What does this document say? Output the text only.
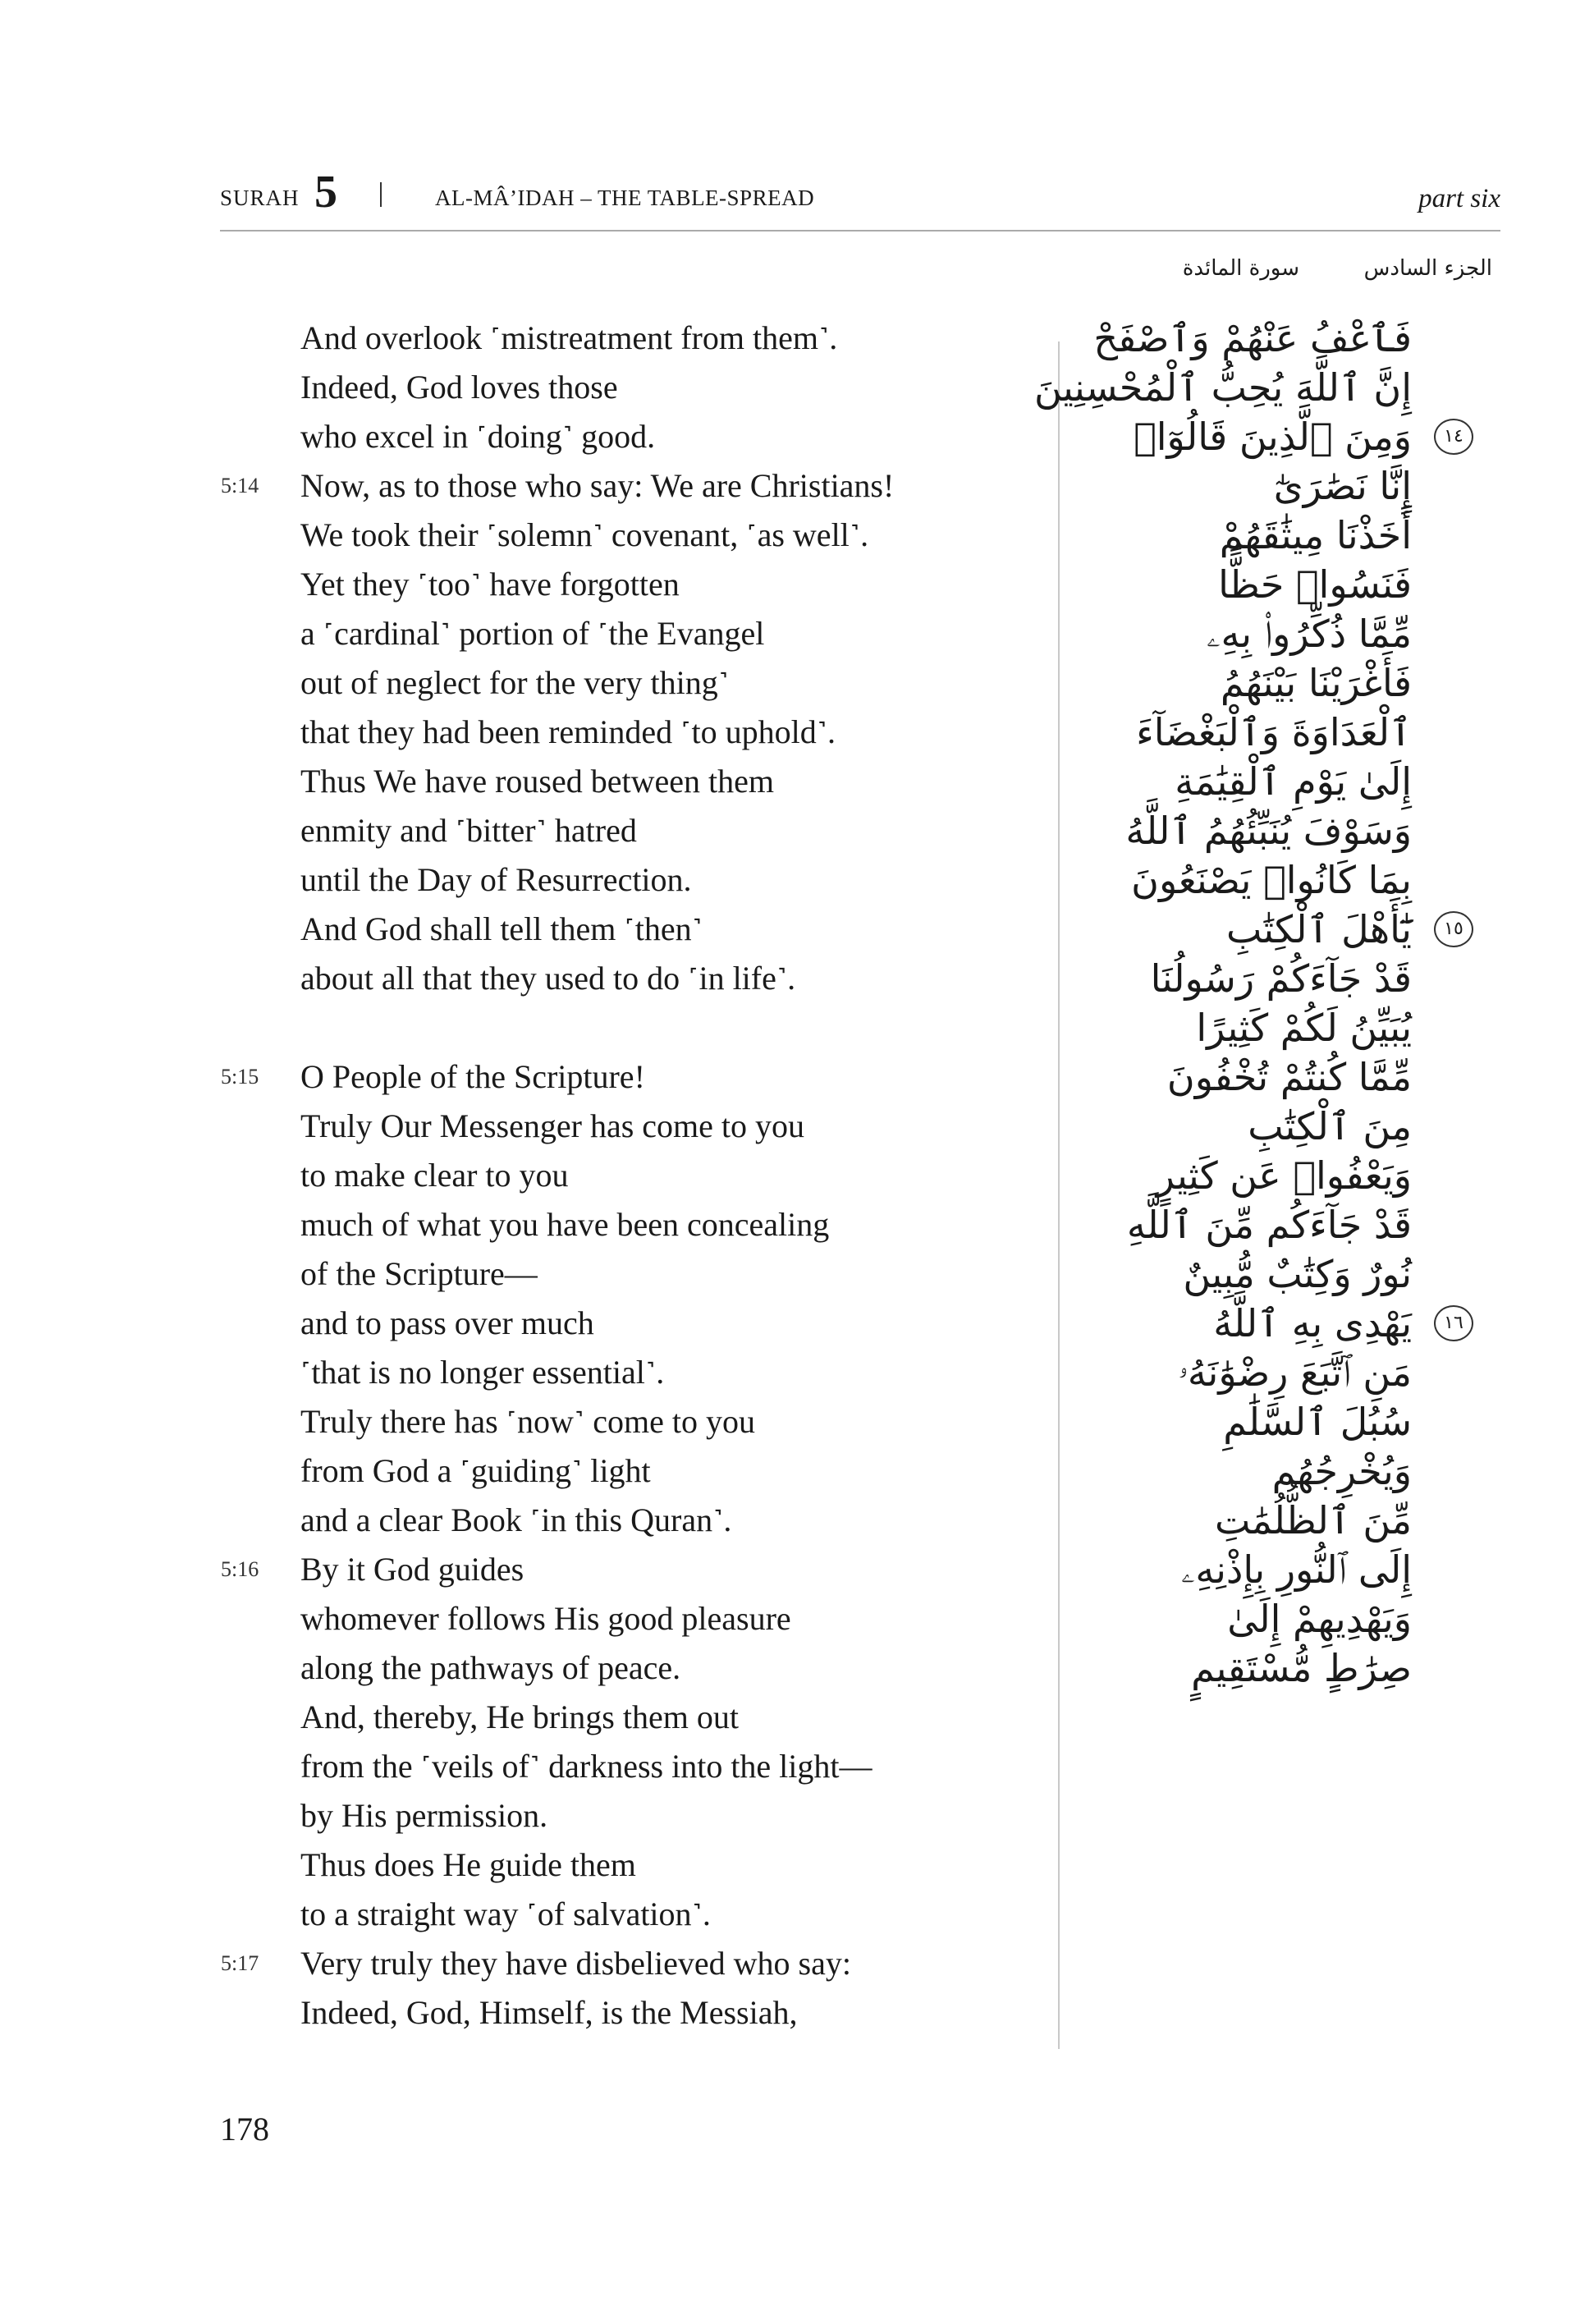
SURAH 5	AL-MÂ’IDAH – THE TABLE-SPREAD	part six
الجزء السادس
سورة المائدة
And overlook ˹mistreatment from them˺.
Indeed, God loves those
who excel in ˹doing˺ good.
5:14 Now, as to those who say: We are Christians!
We took their ˹solemn˺ covenant, ˹as well˺.
Yet they ˹too˺ have forgotten
a ˹cardinal˺ portion of ˹the Evangel
out of neglect for the very thing˺
that they had been reminded ˹to uphold˺.
Thus We have roused between them
enmity and ˹bitter˺ hatred
until the Day of Resurrection.
And God shall tell them ˹then˺
about all that they used to do ˹in life˺.
5:15 O People of the Scripture!
Truly Our Messenger has come to you
to make clear to you
much of what you have been concealing
of the Scripture—
and to pass over much
˹that is no longer essential˺.
Truly there has ˹now˺ come to you
from God a ˹guiding˺ light
and a clear Book ˹in this Quran˺.
5:16 By it God guides
whomever follows His good pleasure
along the pathways of peace.
And, thereby, He brings them out
from the ˹veils of˺ darkness into the light—
by His permission.
Thus does He guide them
to a straight way ˹of salvation˺.
5:17 Very truly they have disbelieved who say:
Indeed, God, Himself, is the Messiah,
فَٱعْفُ عَنْهُمْ وَٱصْفَحْ
إِنَّ ٱللَّهَ يُحِبُّ ٱلْمُحْسِنِينَ
وَمِنَ ٱلَّذِينَ قَالُوٓا۟	١٤
إِنَّا نَصَٰرَىٰٓ
أَخَذْنَا مِيثَٰقَهُمْ
فَنَسُوا۟ حَظًّا
مِّمَّا ذُكِّرُوا۟ بِهِۦ
فَأَغْرَيْنَا بَيْنَهُمُ
ٱلْعَدَاوَةَ وَٱلْبَغْضَآءَ
إِلَىٰ يَوْمِ ٱلْقِيَٰمَةِ
وَسَوْفَ يُنَبِّئُهُمُ ٱللَّهُ
بِمَا كَانُوا۟ يَصْنَعُونَ
يَٰٓأَهْلَ ٱلْكِتَٰبِ	١٥
قَدْ جَآءَكُمْ رَسُولُنَا
يُبَيِّنُ لَكُمْ كَثِيرًا
مِّمَّا كُنتُمْ تُخْفُونَ
مِنَ ٱلْكِتَٰبِ
وَيَعْفُوا۟ عَن كَثِيرٍ
قَدْ جَآءَكُم مِّنَ ٱللَّهِ
نُورٌ وَكِتَٰبٌ مُّبِينٌ
يَهْدِى بِهِ ٱللَّهُ	١٦
مَنِ ٱتَّبَعَ رِضْوَٰنَهُۥ
سُبُلَ ٱلسَّلَٰمِ
وَيُخْرِجُهُم
مِّنَ ٱلظُّلُمَٰتِ
إِلَى ٱلنُّورِ بِإِذْنِهِۦ
وَيَهْدِيهِمْ إِلَىٰ
صِرَٰطٍ مُّسْتَقِيمٍ
178
